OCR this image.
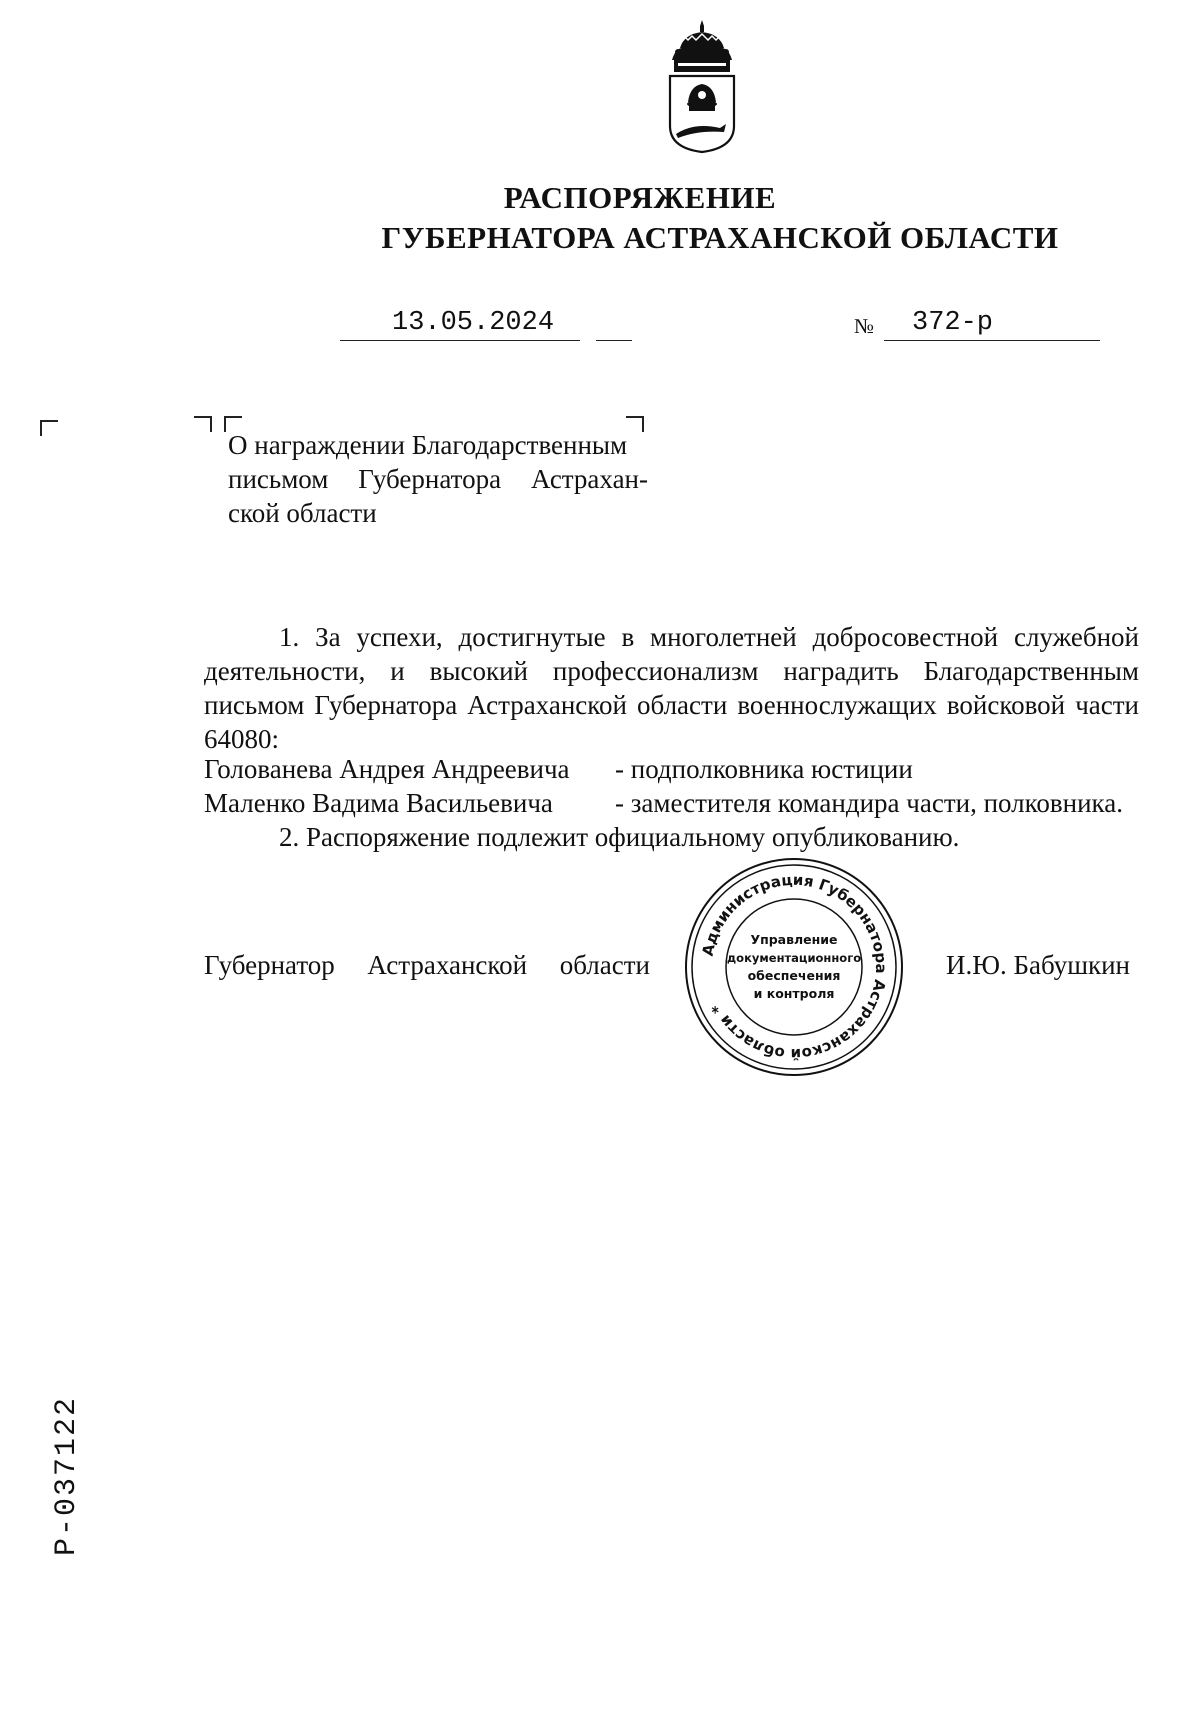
РАСПОРЯЖЕНИЕ
ГУБЕРНАТОРА АСТРАХАНСКОЙ ОБЛАСТИ
13.05.2024	№ 372-р
О награждении Благодарственным
письмом Губернатора Астрахан-
ской области
1. За успехи, достигнутые в многолетней добросовестной служебной деятельности, и высокий профессионализм наградить Благодарственным письмом Губернатора Астраханской области военнослужащих войсковой части 64080:
Голованева Андрея Андреевича - подполковника юстиции
Маленко Вадима Васильевича - заместителя командира части, полковника.
2. Распоряжение подлежит официальному опубликованию.
Администрация Губернатора Астраханской области *
Управление
документационного
обеспечения
и контроля
Губернатор Астраханской области	И.Ю. Бабушкин
Р-037122
